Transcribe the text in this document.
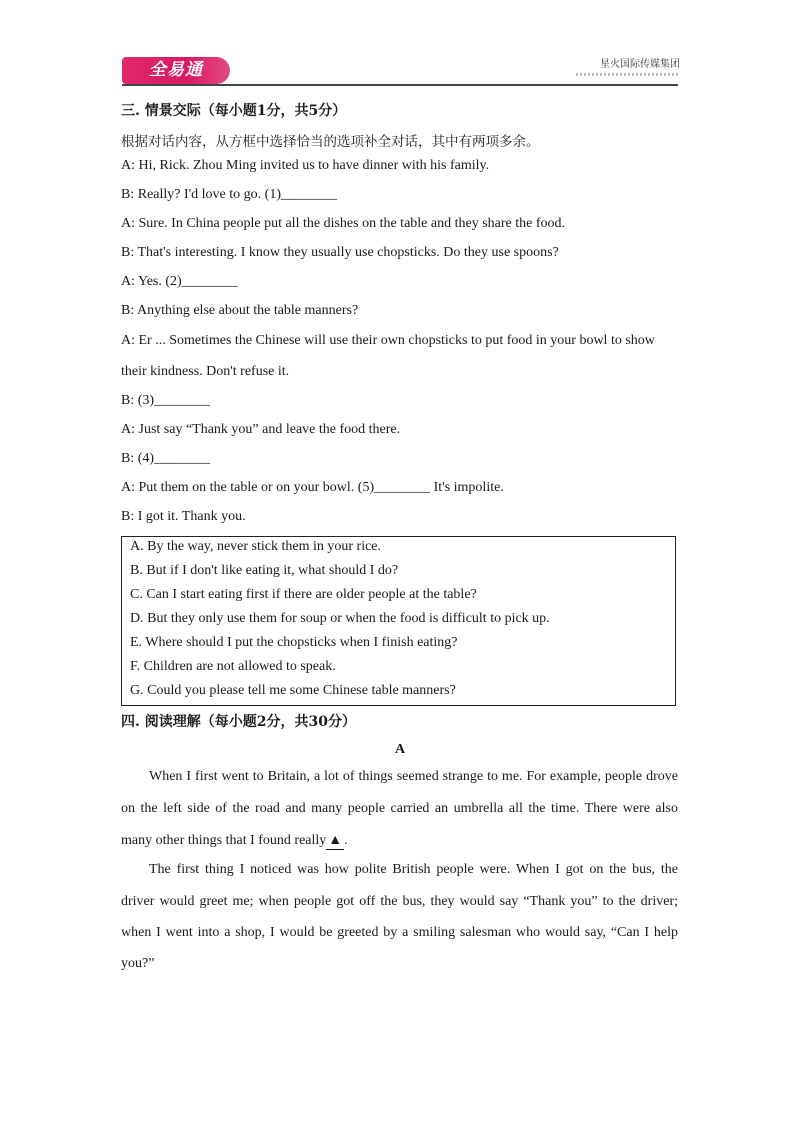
全易通	星火国际传媒集团
三. 情景交际（每小题1分，共5分）
根据对话内容，从方框中选择恰当的选项补全对话，其中有两项多余。
A: Hi, Rick. Zhou Ming invited us to have dinner with his family.
B: Really? I'd love to go. (1)________
A: Sure. In China people put all the dishes on the table and they share the food.
B: That's interesting. I know they usually use chopsticks. Do they use spoons?
A: Yes. (2)________
B: Anything else about the table manners?
A: Er ... Sometimes the Chinese will use their own chopsticks to put food in your bowl to show
their kindness. Don't refuse it.
B: (3)________
A: Just say “Thank you” and leave the food there.
B: (4)________
A: Put them on the table or on your bowl. (5)________ It's impolite.
B: I got it. Thank you.
A. By the way, never stick them in your rice.
B. But if I don't like eating it, what should I do?
C. Can I start eating first if there are older people at the table?
D. But they only use them for soup or when the food is difficult to pick up.
E. Where should I put the chopsticks when I finish eating?
F. Children are not allowed to speak.
G. Could you please tell me some Chinese table manners?
四. 阅读理解（每小题2分，共30分）
A
When I first went to Britain, a lot of things seemed strange to me. For example, people drove
on the left side of the road and many people carried an umbrella all the time. There were also
many other things that I found really ▲ .
The first thing I noticed was how polite British people were. When I got on the bus, the
driver would greet me; when people got off the bus, they would say “Thank you” to the driver;
when I went into a shop, I would be greeted by a smiling salesman who would say, “Can I help
you?”
